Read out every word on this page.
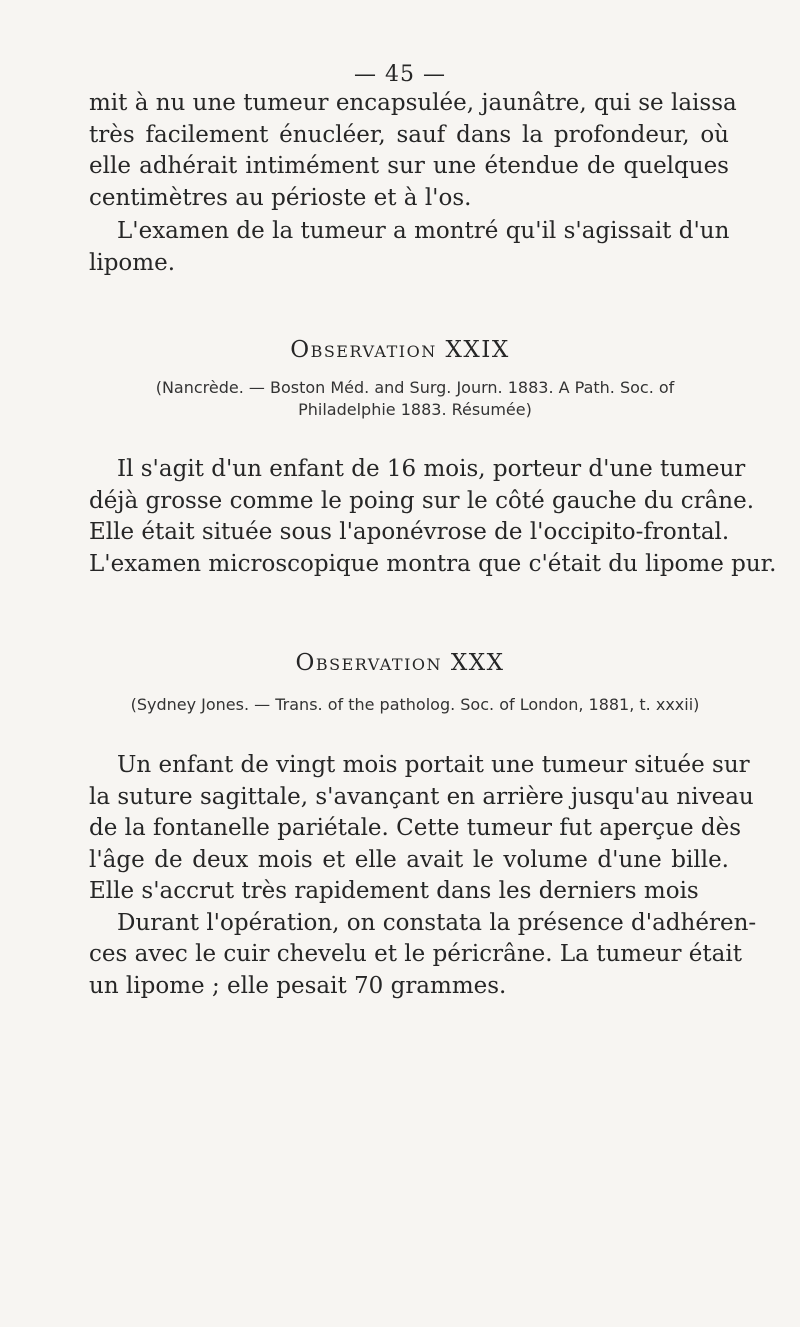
— 45 —

mit à nu une tumeur encapsulée, jaunâtre, qui se laissa
très facilement énucléer, sauf dans la profondeur, où
elle adhérait intimément sur une étendue de quelques
centimètres au périoste et à l'os.

L'examen de la tumeur a montré qu'il s'agissait d'un
lipome.

Observation XXIX
(Nancrède. — Boston Méd. and Surg. Journ. 1883. A Path. Soc. of
Philadelphie 1883. Résumée)

Il s'agit d'un enfant de 16 mois, porteur d'une tumeur
déjà grosse comme le poing sur le côté gauche du crâne.
Elle était située sous l'aponévrose de l'occipito-frontal.
L'examen microscopique montra que c'était du lipome pur.

Observation XXX
(Sydney Jones. — Trans. of the patholog. Soc. of London, 1881, t. xxxii)

Un enfant de vingt mois portait une tumeur située sur
la suture sagittale, s'avançant en arrière jusqu'au niveau
de la fontanelle pariétale. Cette tumeur fut aperçue dès
l'âge de deux mois et elle avait le volume d'une bille.
Elle s'accrut très rapidement dans les derniers mois

Durant l'opération, on constata la présence d'adhéren-
ces avec le cuir chevelu et le péricrâne. La tumeur était
un lipome ; elle pesait 70 grammes.
